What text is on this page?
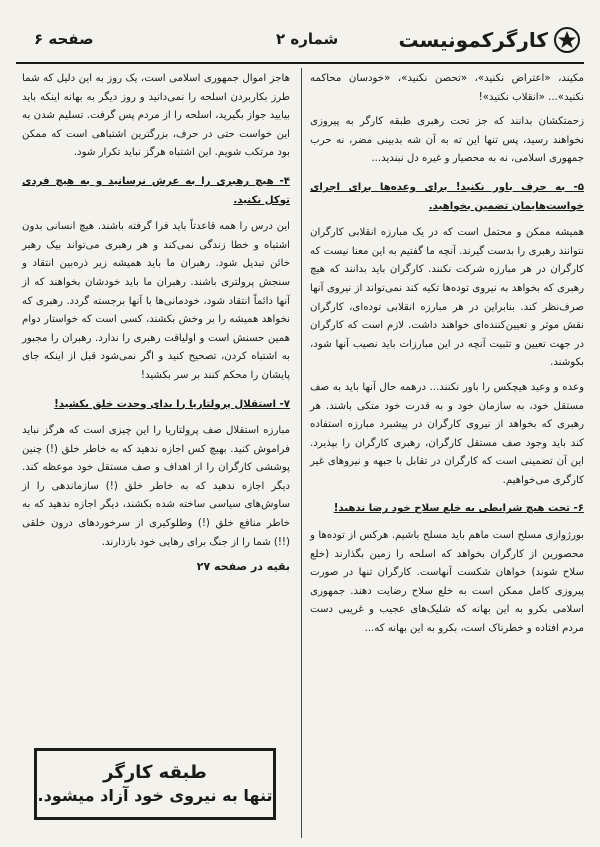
کارگرکمونیست
شماره ۲
صفحه ۶

مکیند، «اعتراض نکنید»، «تحصن نکنید»، «خودسان محاکمه نکنید»... «انقلاب نکنید»!

زحمتکشان بدانند که جز تحت رهبری طبقه کارگر به پیروزی نخواهند رسید، پس تنها این ته به آن شه بدبینی مضر، نه حرب جمهوری اسلامی، نه به محصیار و غیره دل نبندید...

۵- به حرف باور نکنید! برای وعده‌ها برای اجرای خواست‌هایمان تضمین بخواهید.

همیشه ممکن و محتمل است که در یک مبارزه انقلابی کارگران نتوانند رهبری را بدست گیرند. آنچه ما گفتیم به این معنا نیست که کارگران در هر مبارزه شرکت نکنند. کارگران باید بدانند که هیچ رهبری که بخواهد به نیروی توده‌ها تکیه کند نمی‌تواند از نیروی آنها صرف‌نظر کند. بنابراین در هر مبارزه انقلابی توده‌ای، کارگران نقش موثر و تعیین‌کننده‌ای خواهند داشت. لازم است که کارگران در جهت تعیین و تثبیت آنچه در این مبارزات باید نصیب آنها شود، بکوشند.

وعده و وعید هیچکس را باور نکنند... درهمه حال آنها باید به صف مستقل خود، به سازمان خود و به قدرت خود متکی باشند. هر رهبری که بخواهد از نیروی کارگران در پیشبرد مبارزه استفاده کند باید وجود صف مستقل کارگران، رهبری کارگران را بپذیرد. این آن تضمینی است که کارگران در تقابل با جبهه و نیروهای غیر کارگری می‌خواهیم.

۶- تحت هیچ شرایطی به خلع سلاح خود رضا ندهید!

بورژوازی مسلح است ماهم باید مسلح باشیم. هرکس از توده‌ها و محصورین از کارگران بخواهد که اسلحه را زمین بگذارند (خلع سلاح شوند) خواهان شکست آنهاست. کارگران تنها در صورت پیروزی کامل ممکن است به خلع سلاح رضایت دهند. جمهوری اسلامی بکرو به این بهانه که شلیک‌های عجیب و غریبی دست مردم افتاده و خطرناک است، بکرو به این بهانه که...

هاجز اموال جمهوری اسلامی است، یک روز به این دلیل که شما طرز بکاربردن اسلحه را نمی‌دانید و روز دیگر به بهانه اینکه باید بیایید جواز بگیرید، اسلحه را از مردم پس گرفت. تسلیم شدن به این خواست حتی در حرف، بزرگترین اشتباهی است که ممکن بود مرتکب شویم. این اشتباه هرگز نباید تکرار شود.

۴- هیچ رهبری را به عرش نرسانید و به هیچ فردی توکل نکنید.

این درس را همه قاعدتاً باید فرا گرفته باشند. هیچ انسانی بدون اشتباه و خطا زندگی نمی‌کند و هر رهبری می‌تواند بیک رهبر خائن تبدیل شود. رهبران ما باید همیشه زیر ذره‌بین انتقاد و سنجش پرولتری باشند. رهبران ما باید خودشان بخواهند که از آنها دائماً انتقاد شود، خودمانی‌ها با آنها برجسته گردد. رهبری که نخواهد همیشه را بر وخش بکشند، کسی است که خواستار دوام همین حسنش است و اولیاقت رهبری را ندارد. رهبران را مجبور به اشتباه کردن، تصحیح کنید و اگر نمی‌شود قبل از اینکه جای پایشان را محکم کنند بر سر بکشید!

۷- استقلال پرولتاریا را بدای وحدت خلق بکشید!

مبارزه استقلال صف پرولتاریا را این چیزی است که هرگز نباید فراموش کنید. بهیچ کس اجازه ندهید که به خاطر خلق (!) چنین پوششی کارگران را از اهداف و صف مستقل خود موعظه کند. دیگر اجازه ندهید که به خاطر خلق (!) سازماندهی را از ساوش‌های سیاسی ساخته شده بکشند، دیگر اجازه ندهید که به خاطر منافع خلق (!) وطلوکیری از سرخوردهای درون خلقی (!!) شما را از جنگ برای رهایی خود بازدارند.

بقیه در صفحه ۲۷
طبقه کارگر
تنها به نیروی خود آزاد میشود.
